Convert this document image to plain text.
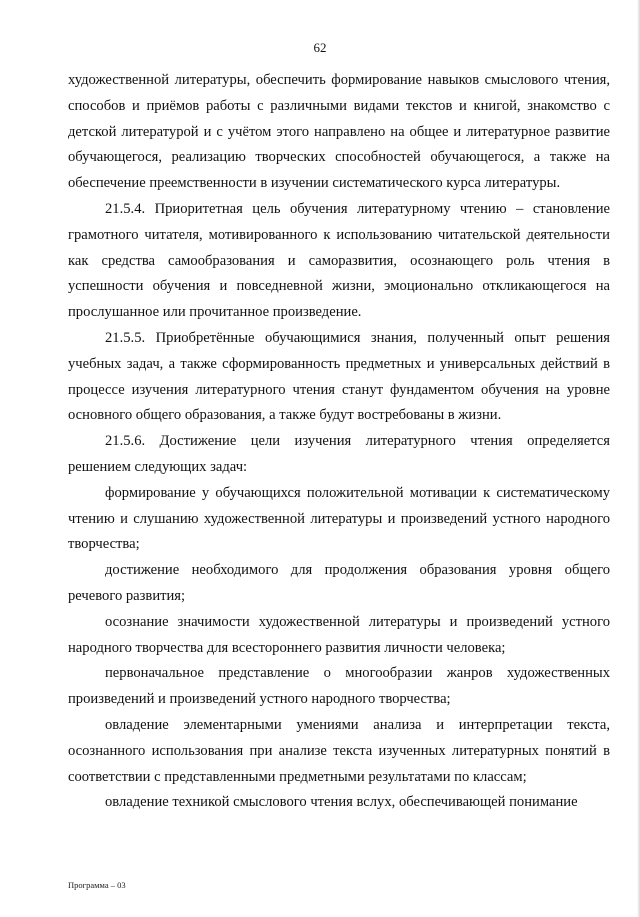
62

художественной литературы, обеспечить формирование навыков смыслового чтения, способов и приёмов работы с различными видами текстов и книгой, знакомство с детской литературой и с учётом этого направлено на общее и литературное развитие обучающегося, реализацию творческих способностей обучающегося, а также на обеспечение преемственности в изучении систематического курса литературы.

21.5.4. Приоритетная цель обучения литературному чтению – становление грамотного читателя, мотивированного к использованию читательской деятельности как средства самообразования и саморазвития, осознающего роль чтения в успешности обучения и повседневной жизни, эмоционально откликающегося на прослушанное или прочитанное произведение.

21.5.5. Приобретённые обучающимися знания, полученный опыт решения учебных задач, а также сформированность предметных и универсальных действий в процессе изучения литературного чтения станут фундаментом обучения на уровне основного общего образования, а также будут востребованы в жизни.

21.5.6. Достижение цели изучения литературного чтения определяется решением следующих задач:

формирование у обучающихся положительной мотивации к систематическому чтению и слушанию художественной литературы и произведений устного народного творчества;

достижение необходимого для продолжения образования уровня общего речевого развития;

осознание значимости художественной литературы и произведений устного народного творчества для всестороннего развития личности человека;

первоначальное представление о многообразии жанров художественных произведений и произведений устного народного творчества;

овладение элементарными умениями анализа и интерпретации текста, осознанного использования при анализе текста изученных литературных понятий в соответствии с представленными предметными результатами по классам;

овладение техникой смыслового чтения вслух, обеспечивающей понимание

Программа – 03
